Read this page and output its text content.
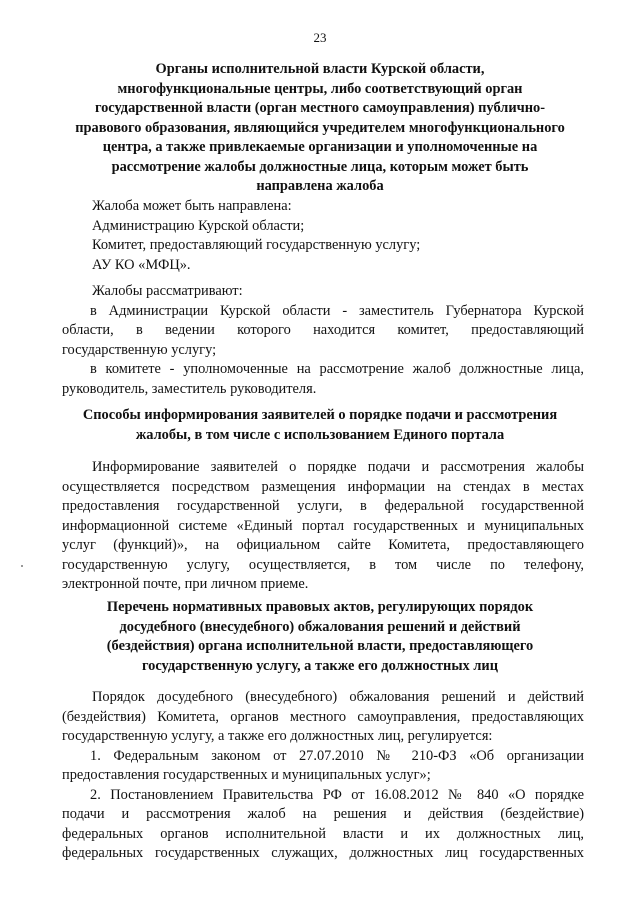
23
Органы исполнительной власти Курской области,
многофункциональные центры, либо соответствующий орган
государственной власти (орган местного самоуправления) публично-
правового образования, являющийся учредителем многофункционального
центра, а также привлекаемые организации и уполномоченные на
рассмотрение жалобы должностные лица, которым может быть
направлена жалоба
Жалоба может быть направлена:
Администрацию Курской области;
Комитет, предоставляющий государственную услугу;
АУ КО «МФЦ».
Жалобы рассматривают:
в Администрации Курской области - заместитель Губернатора Курской
области, в ведении которого находится комитет, предоставляющий
государственную услугу;
в комитете - уполномоченные на рассмотрение жалоб должностные лица,
руководитель, заместитель руководителя.
Способы информирования заявителей о порядке подачи и рассмотрения
жалобы, в том числе с использованием Единого портала
Информирование заявителей о порядке подачи и рассмотрения жалобы
осуществляется посредством размещения информации на стендах в местах
предоставления государственной услуги, в федеральной государственной
информационной системе «Единый портал государственных и муниципальных
услуг (функций)», на официальном сайте Комитета, предоставляющего
государственную услугу, осуществляется, в том числе по телефону,
электронной почте, при личном приеме.
Перечень нормативных правовых актов, регулирующих порядок
досудебного (внесудебного) обжалования решений и действий
(бездействия) органа исполнительной власти, предоставляющего
государственную услугу, а также его должностных лиц
Порядок досудебного (внесудебного) обжалования решений и действий
(бездействия) Комитета, органов местного самоуправления, предоставляющих
государственную услугу, а также его должностных лиц, регулируется:
1. Федеральным законом от 27.07.2010 № 210-ФЗ «Об организации
предоставления государственных и муниципальных услуг»;
2. Постановлением Правительства РФ от 16.08.2012 № 840 «О порядке
подачи и рассмотрения жалоб на решения и действия (бездействие)
федеральных органов исполнительной власти и их должностных лиц,
федеральных государственных служащих, должностных лиц государственных
